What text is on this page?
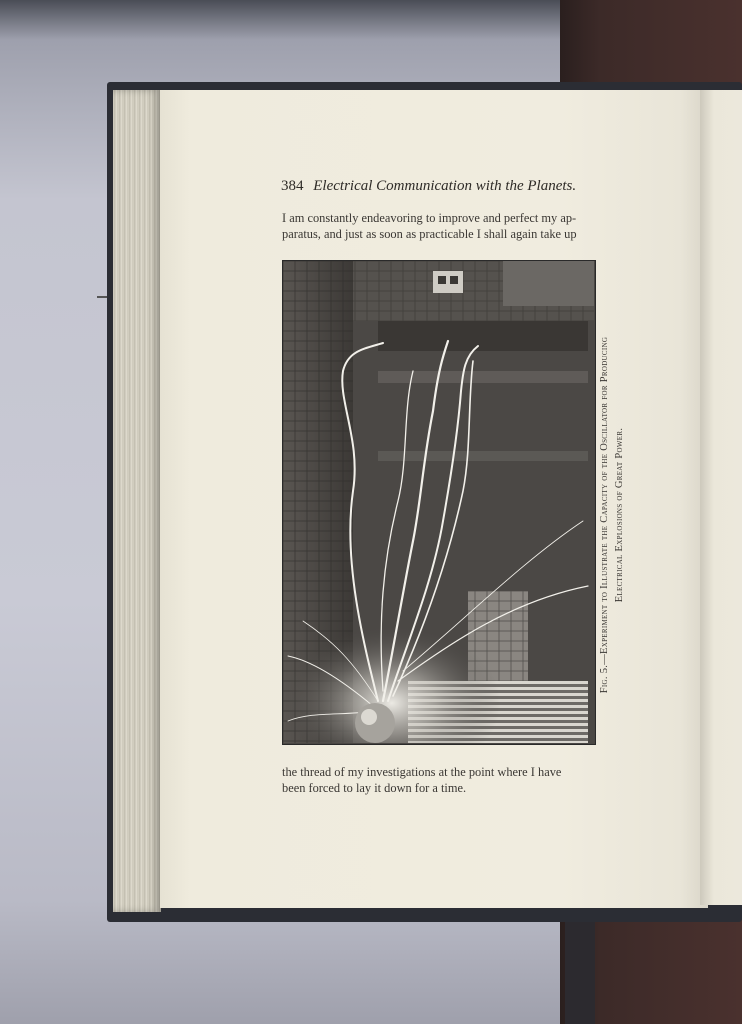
384 Electrical Communication with the Planets.
I am constantly endeavoring to improve and perfect my ap-
paratus, and just as soon as practicable I shall again take up
Fig. 5.—Experiment to Illustrate the Capacity of the Oscillator for Producing Electrical Explosions of Great Power.
the thread of my investigations at the point where I have
been forced to lay it down for a time.
